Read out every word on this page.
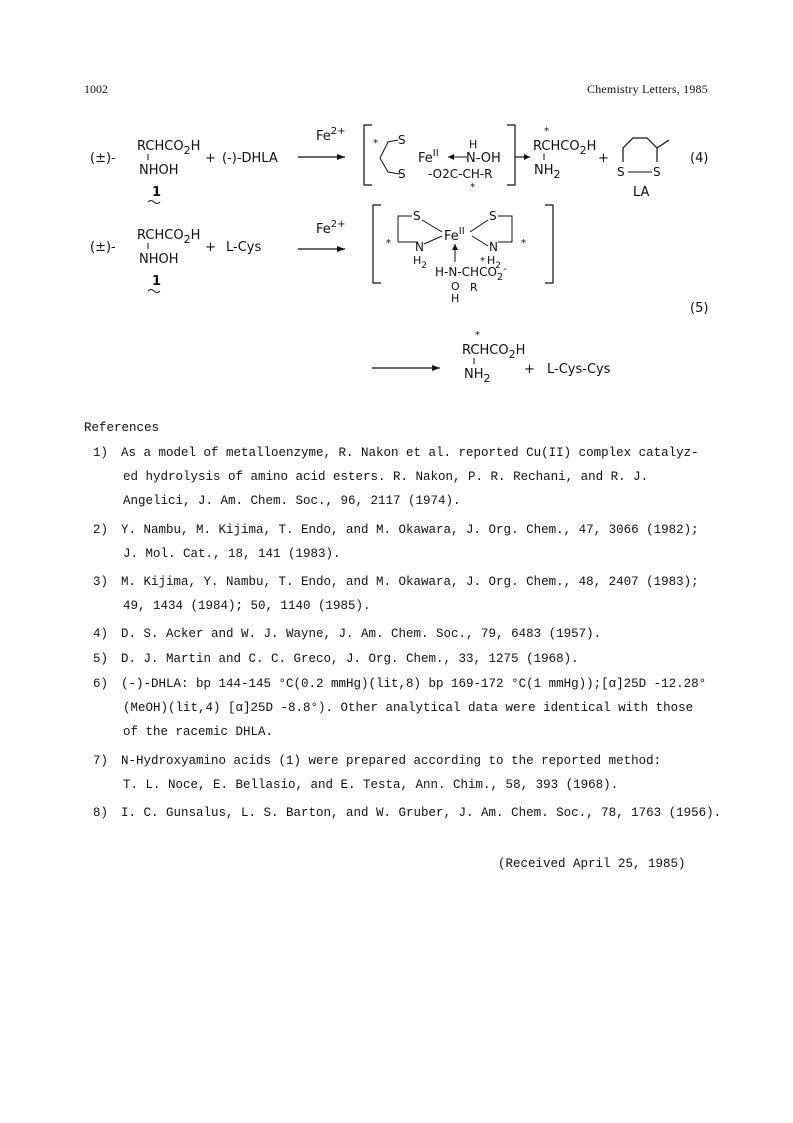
1002	Chemistry Letters, 1985
(±)-
$RCHCO_2H$
NHOH
1
+ (-)-DHLA
$Fe^{2+}$
* S
S
$Fe^{II}$
H
N-OH
-O2C-CH-R
*
*
$RCHCO_2H$
$NH_2$
+
S S
LA
(4)
(±)-
$RCHCO_2H$
NHOH
1
+ L-Cys
$Fe^{2+}$
*
S
N
$H_2$
$Fe^{II}$
S
N
$H_2$
*
$H-N-CHCO_2^-$
*
O
H
R
(5)
*
$RCHCO_2H$
$NH_2$
+ L-Cys-Cys
References
1) As a model of metalloenzyme, R. Nakon et al. reported Cu(II) complex catalyz-
ed hydrolysis of amino acid esters. R. Nakon, P. R. Rechani, and R. J.
Angelici, J. Am. Chem. Soc., 96, 2117 (1974).
2) Y. Nambu, M. Kijima, T. Endo, and M. Okawara, J. Org. Chem., 47, 3066 (1982);
J. Mol. Cat., 18, 141 (1983).
3) M. Kijima, Y. Nambu, T. Endo, and M. Okawara, J. Org. Chem., 48, 2407 (1983);
49, 1434 (1984); 50, 1140 (1985).
4) D. S. Acker and W. J. Wayne, J. Am. Chem. Soc., 79, 6483 (1957).
5) D. J. Martin and C. C. Greco, J. Org. Chem., 33, 1275 (1968).
6) (-)-DHLA: bp 144-145 °C(0.2 mmHg)(lit,8) bp 169-172 °C(1 mmHg));[α]25D -12.28°
(MeOH)(lit,4) [α]25D -8.8°). Other analytical data were identical with those
of the racemic DHLA.
7) N-Hydroxyamino acids (1) were prepared according to the reported method:
T. L. Noce, E. Bellasio, and E. Testa, Ann. Chim., 58, 393 (1968).
8) I. C. Gunsalus, L. S. Barton, and W. Gruber, J. Am. Chem. Soc., 78, 1763 (1956).
(Received April 25, 1985)
